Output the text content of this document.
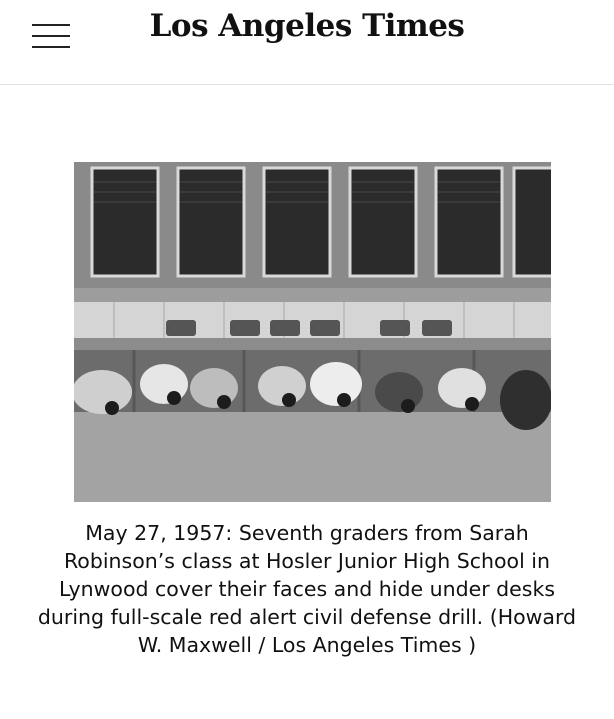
Los Angeles Times
May 27, 1957: Seventh graders from Sarah Robinson’s class at Hosler Junior High School in Lynwood cover their faces and hide under desks during full-scale red alert civil defense drill. (Howard W. Maxwell / Los Angeles Times )
